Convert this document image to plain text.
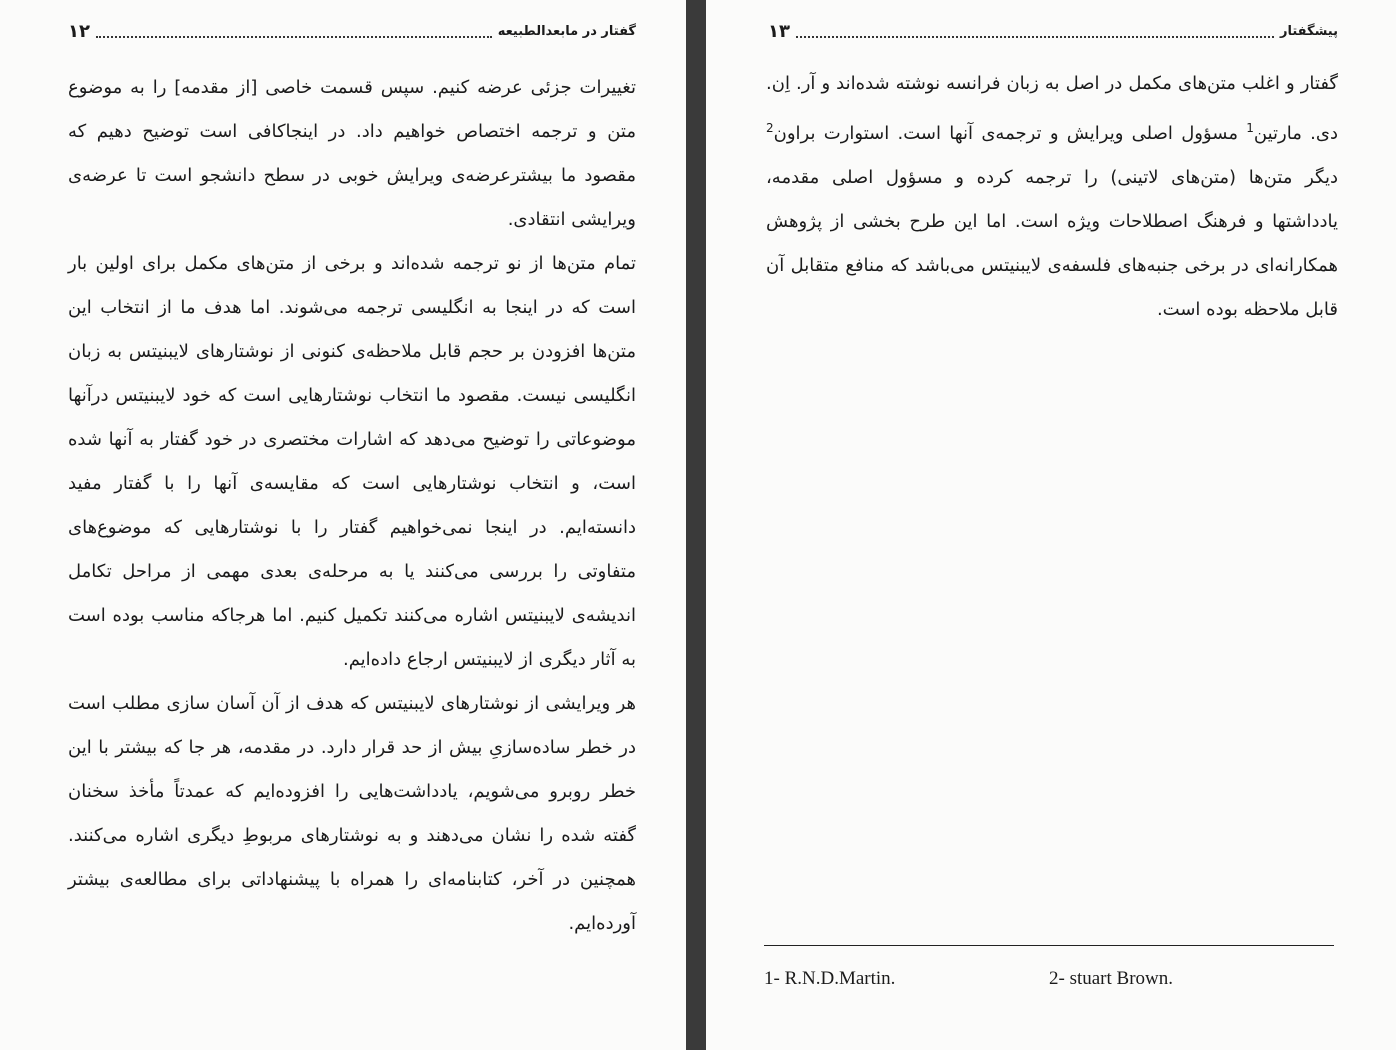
۱۲	گفتار در مابعدالطبیعه

تغییرات جزئی عرضه کنیم. سپس قسمت خاصی [از مقدمه] را به موضوع متن و ترجمه اختصاص خواهیم داد. در اینجاکافی است توضیح دهیم که مقصود ما بیشترعرضه‌ی ویرایش خوبی در سطح دانشجو است تا عرضه‌ی ویرایشی انتقادی.

تمام متن‌ها از نو ترجمه شده‌اند و برخی از متن‌های مکمل برای اولین بار است که در اینجا به انگلیسی ترجمه می‌شوند. اما هدف ما از انتخاب این متن‌ها افزودن بر حجم قابل ملاحظه‌ی کنونی از نوشتارهای لایبنیتس به زبان انگلیسی نیست. مقصود ما انتخاب نوشتارهایی است که خود لایبنیتس درآنها موضوعاتی را توضیح می‌دهد که اشارات مختصری در خود گفتار به آنها شده است، و انتخاب نوشتارهایی است که مقایسه‌ی آنها را با گفتار مفید دانسته‌ایم. در اینجا نمی‌خواهیم گفتار را با نوشتارهایی که موضوع‌های متفاوتی را بررسی می‌کنند یا به مرحله‌ی بعدی مهمی از مراحل تکامل اندیشه‌ی لایبنیتس اشاره می‌کنند تکمیل کنیم. اما هرجاکه مناسب بوده است به آثار دیگری از لایبنیتس ارجاع داده‌ایم.

هر ویرایشی از نوشتارهای لایبنیتس که هدف از آن آسان سازی مطلب است در خطر ساده‌سازیِ بیش از حد قرار دارد. در مقدمه، هر جا که بیشتر با این خطر روبرو می‌شویم، یادداشت‌هایی را افزوده‌ایم که عمدتاً مأخذ سخنان گفته شده را نشان می‌دهند و به نوشتارهای مربوطِ دیگری اشاره می‌کنند. همچنین در آخر، کتابنامه‌ای را همراه با پیشنهاداتی برای مطالعه‌ی بیشتر آورده‌ایم.

پیشگفتار
۱۳

گفتار و اغلب متن‌های مکمل در اصل به زبان فرانسه نوشته شده‌اند و آر. اِن. دی. مارتین$^1$ مسؤول اصلی ویرایش و ترجمه‌ی آنها است. استوارت براون$^2$ دیگر متن‌ها (متن‌های لاتینی) را ترجمه کرده و مسؤول اصلی مقدمه، یادداشتها و فرهنگ اصطلاحات ویژه است. اما این طرح بخشی از پژوهش همکارانه‌ای در برخی جنبه‌های فلسفه‌ی لایبنیتس می‌باشد که منافع متقابل آن قابل ملاحظه بوده است.

1- R.N.D.Martin.	2- stuart Brown.
